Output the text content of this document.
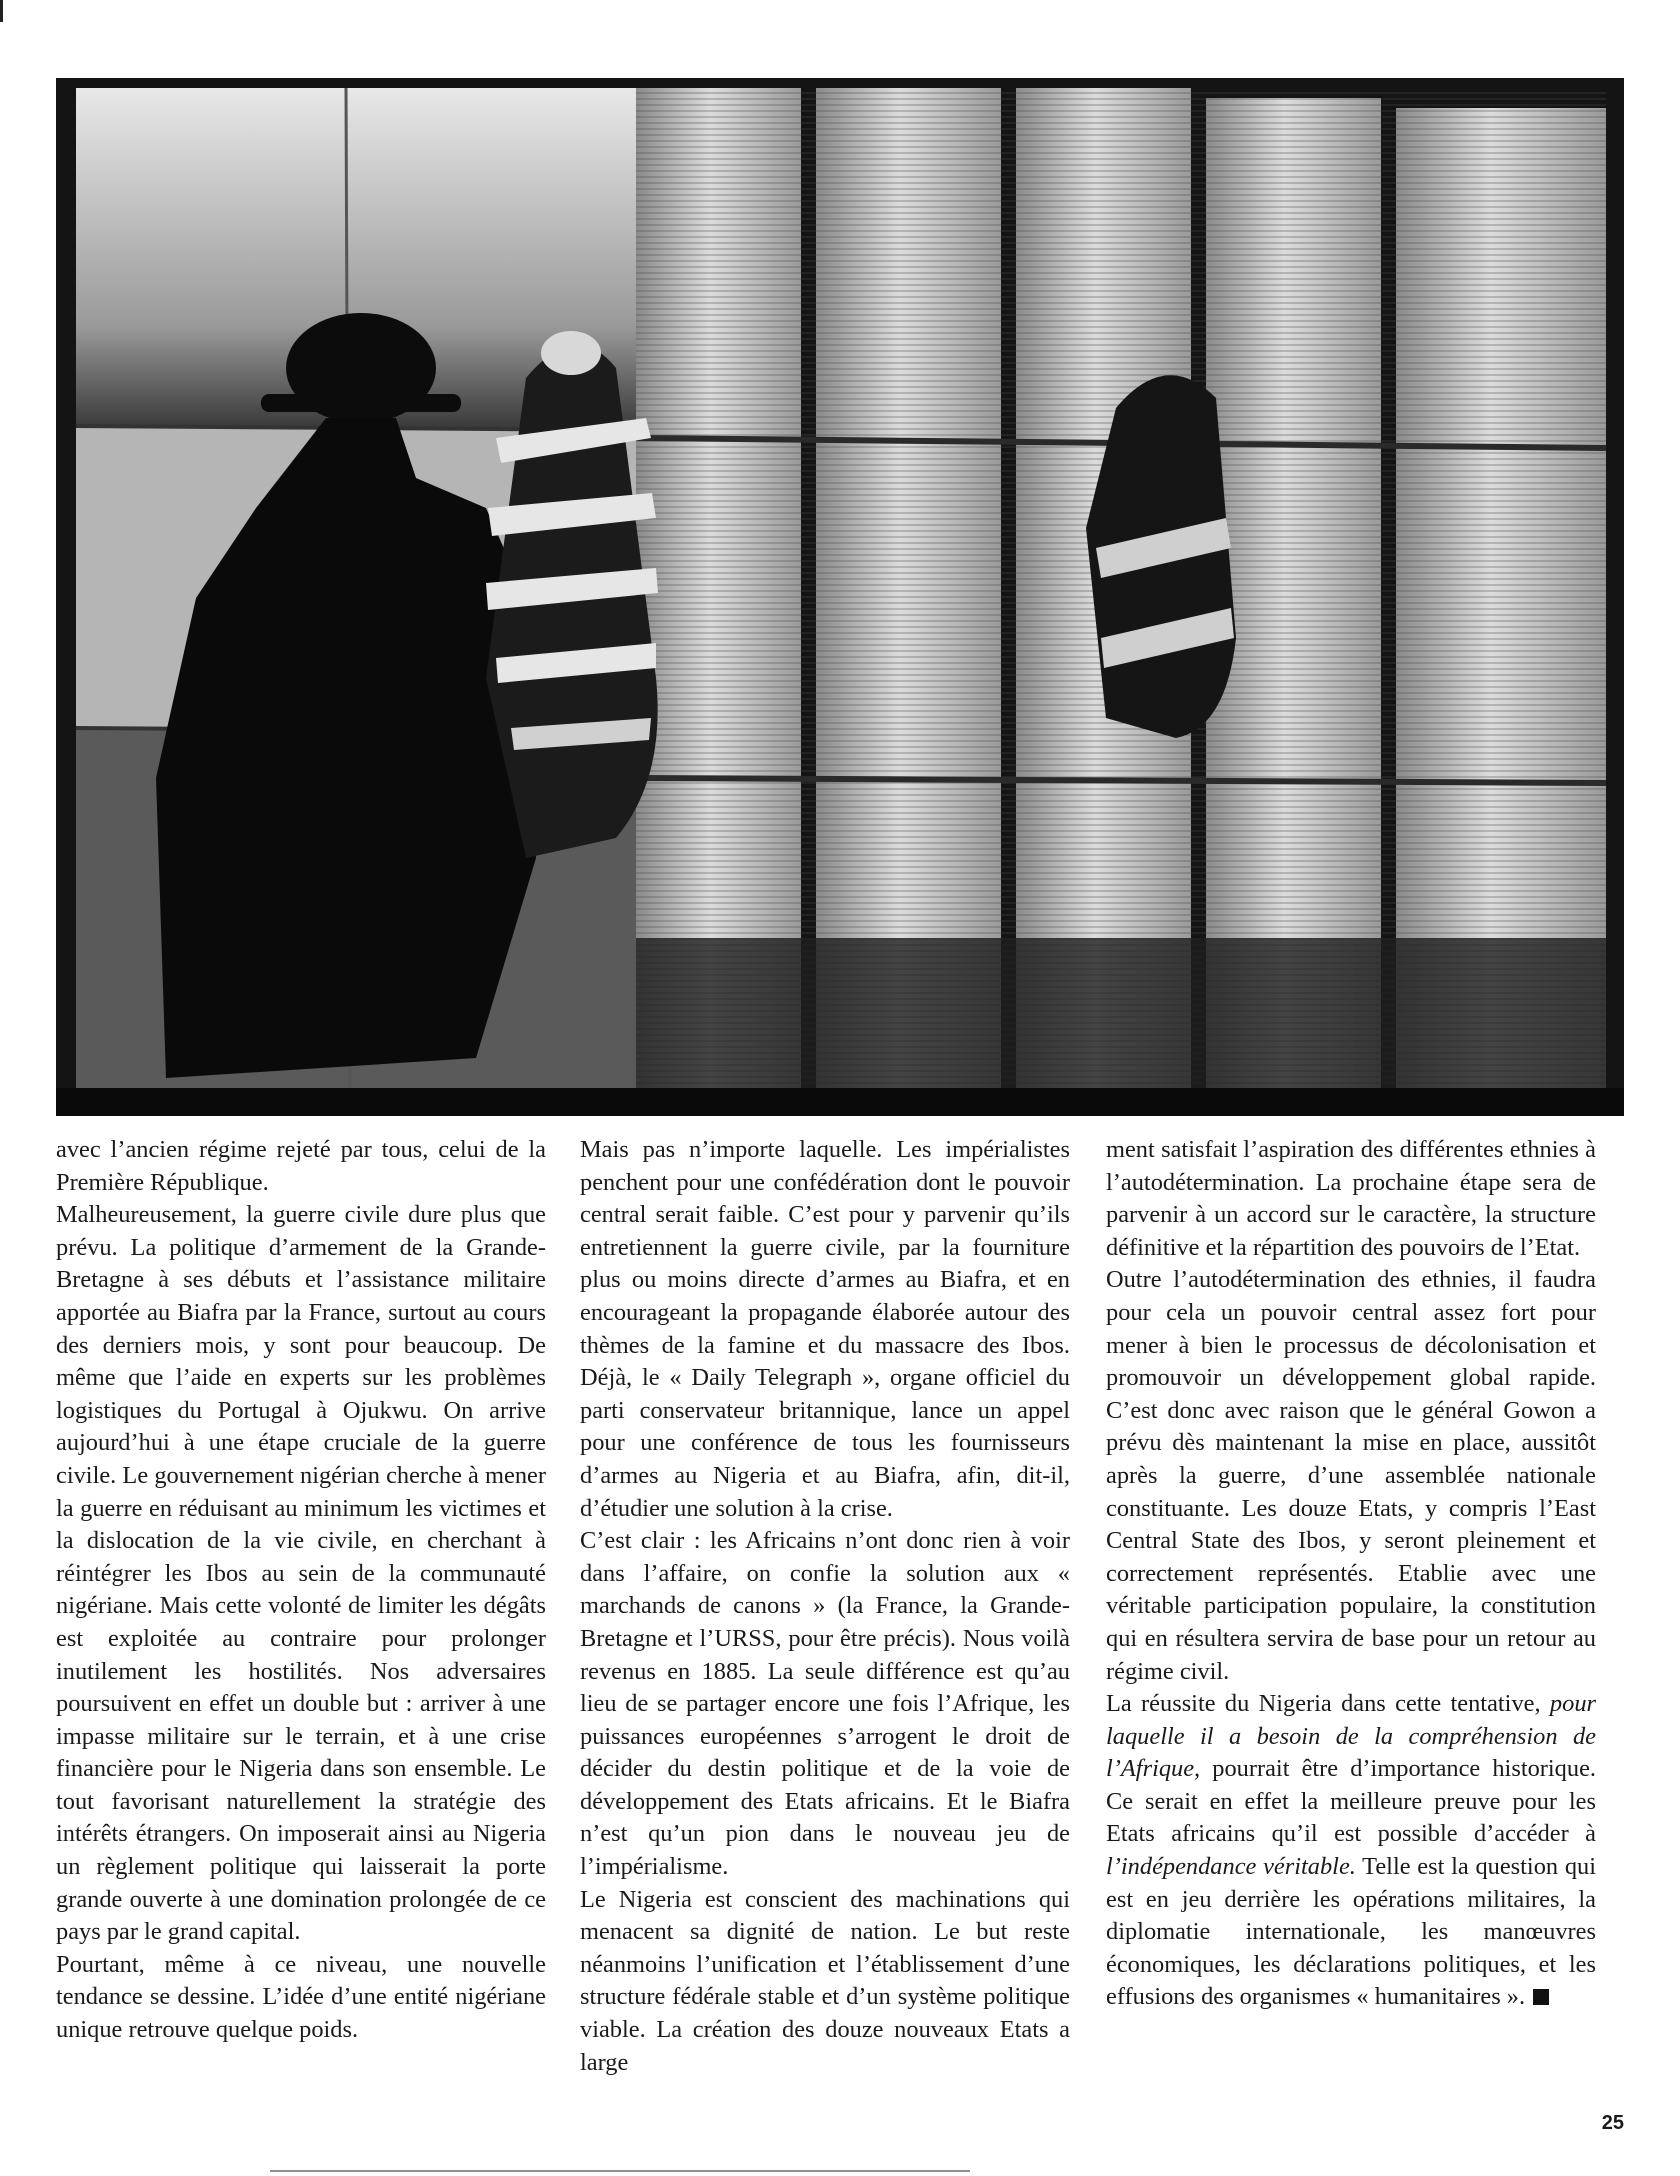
avec l’ancien régime rejeté par tous, celui de la Première République.
Malheureusement, la guerre civile dure plus que prévu. La politique d’armement de la Grande-Bretagne à ses débuts et l’assistance militaire apportée au Biafra par la France, surtout au cours des derniers mois, y sont pour beaucoup. De même que l’aide en experts sur les problèmes logistiques du Portugal à Ojukwu. On arrive aujourd’hui à une étape cruciale de la guerre civile. Le gouvernement nigérian cherche à mener la guerre en réduisant au minimum les victimes et la dislocation de la vie civile, en cherchant à réintégrer les Ibos au sein de la communauté nigériane. Mais cette volonté de limiter les dégâts est exploitée au contraire pour prolonger inutilement les hostilités. Nos adversaires poursuivent en effet un double but : arriver à une impasse militaire sur le terrain, et à une crise financière pour le Nigeria dans son ensemble. Le tout favorisant naturellement la stratégie des intérêts étrangers. On imposerait ainsi au Nigeria un règlement politique qui laisserait la porte grande ouverte à une domination prolongée de ce pays par le grand capital.
Pourtant, même à ce niveau, une nouvelle tendance se dessine. L’idée d’une entité nigériane unique retrouve quelque poids.
Mais pas n’importe laquelle. Les impérialistes penchent pour une confédération dont le pouvoir central serait faible. C’est pour y parvenir qu’ils entretiennent la guerre civile, par la fourniture plus ou moins directe d’armes au Biafra, et en encourageant la propagande élaborée autour des thèmes de la famine et du massacre des Ibos. Déjà, le « Daily Telegraph », organe officiel du parti conservateur britannique, lance un appel pour une conférence de tous les fournisseurs d’armes au Nigeria et au Biafra, afin, dit-il, d’étudier une solution à la crise.
C’est clair : les Africains n’ont donc rien à voir dans l’affaire, on confie la solution aux « marchands de canons » (la France, la Grande-Bretagne et l’URSS, pour être précis). Nous voilà revenus en 1885. La seule différence est qu’au lieu de se partager encore une fois l’Afrique, les puissances européennes s’arrogent le droit de décider du destin politique et de la voie de développement des Etats africains. Et le Biafra n’est qu’un pion dans le nouveau jeu de l’impérialisme.
Le Nigeria est conscient des machinations qui menacent sa dignité de nation. Le but reste néanmoins l’unification et l’établissement d’une structure fédérale stable et d’un système politique viable. La création des douze nouveaux Etats a large
ment satisfait l’aspiration des différentes ethnies à l’autodétermination. La prochaine étape sera de parvenir à un accord sur le caractère, la structure définitive et la répartition des pouvoirs de l’Etat.
Outre l’autodétermination des ethnies, il faudra pour cela un pouvoir central assez fort pour mener à bien le processus de décolonisation et promouvoir un développement global rapide. C’est donc avec raison que le général Gowon a prévu dès maintenant la mise en place, aussitôt après la guerre, d’une assemblée nationale constituante. Les douze Etats, y compris l’East Central State des Ibos, y seront pleinement et correctement représentés. Etablie avec une véritable participation populaire, la constitution qui en résultera servira de base pour un retour au régime civil.
La réussite du Nigeria dans cette tentative, pour laquelle il a besoin de la compréhension de l’Afrique, pourrait être d’importance historique. Ce serait en effet la meilleure preuve pour les Etats africains qu’il est possible d’accéder à l’indépendance véritable. Telle est la question qui est en jeu derrière les opérations militaires, la diplomatie internationale, les manœuvres économiques, les déclarations politiques, et les effusions des organismes « humanitaires ».
25
